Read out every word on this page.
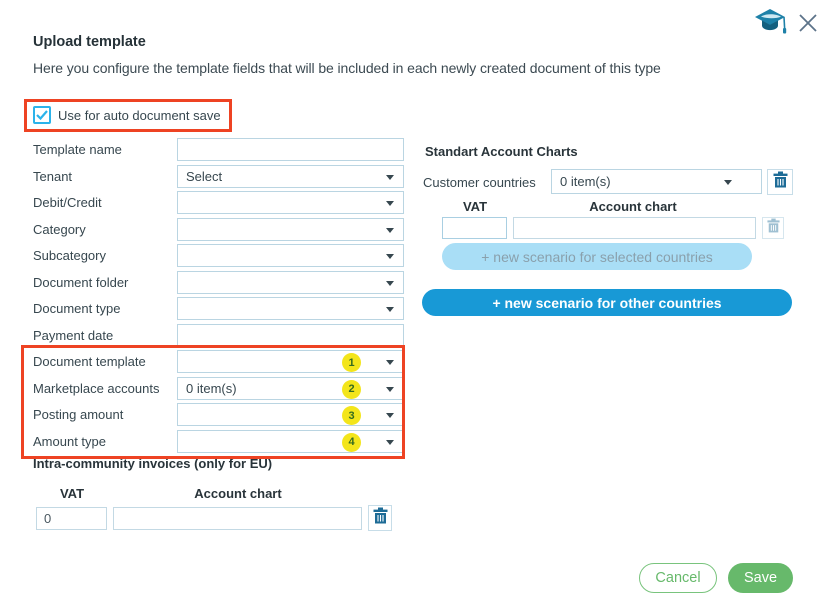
Upload template
Here you configure the template fields that will be included in each newly created document of this type
Use for auto document save
Template name
Tenant	Select
Debit/Credit
Category
Subcategory
Document folder
Document type
Payment date
Document template	1
Marketplace accounts	0 item(s)	2
Posting amount	3
Amount type	4
Intra-community invoices (only for EU)
VAT	Account chart
0
Standart Account Charts
Customer countries 0 item(s)
VAT	Account chart
+ new scenario for selected countries
+ new scenario for other countries
Cancel	Save
